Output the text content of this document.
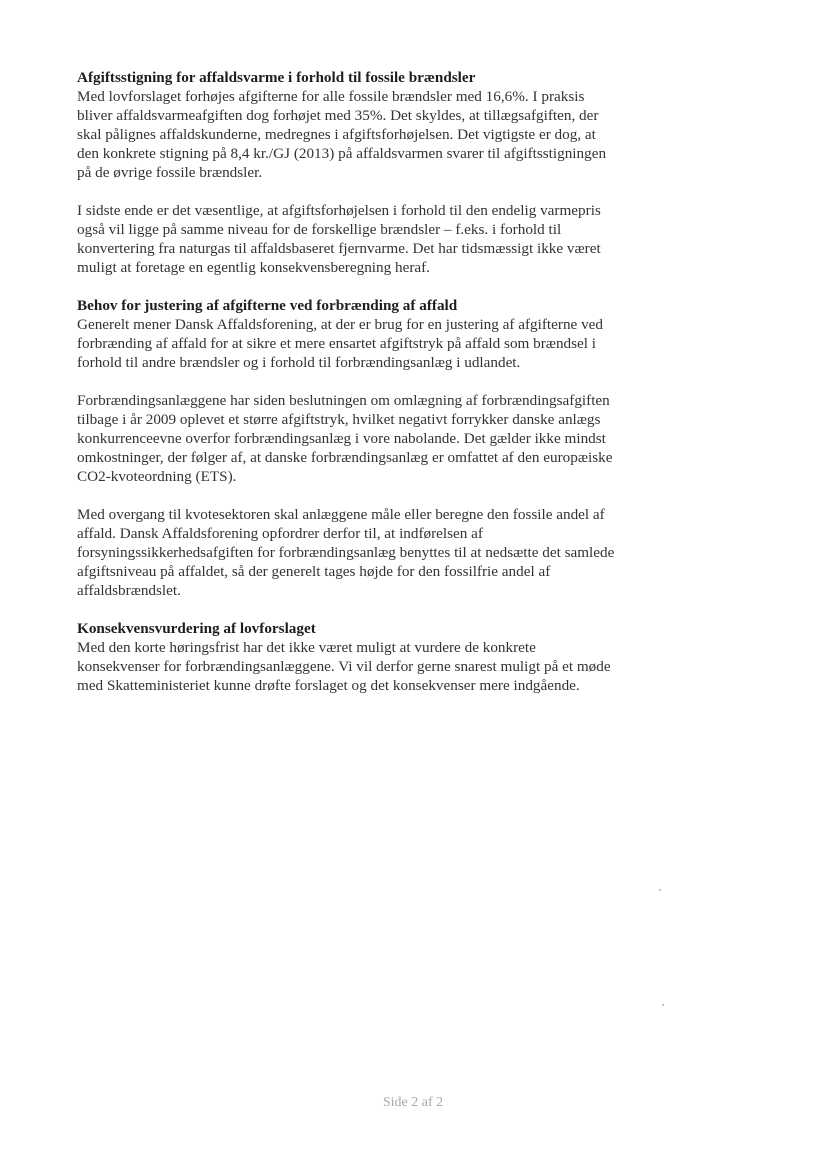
Afgiftsstigning for affaldsvarme i forhold til fossile brændsler

Med lovforslaget forhøjes afgifterne for alle fossile brændsler med 16,6%. I praksis bliver affaldsvarmeafgiften dog forhøjet med 35%. Det skyldes, at tillægsafgiften, der skal pålignes affaldskunderne, medregnes i afgiftsforhøjelsen. Det vigtigste er dog, at den konkrete stigning på 8,4 kr./GJ (2013) på affaldsvarmen svarer til afgiftsstigningen på de øvrige fossile brændsler.

I sidste ende er det væsentlige, at afgiftsforhøjelsen i forhold til den endelig varmepris også vil ligge på samme niveau for de forskellige brændsler – f.eks. i forhold til konvertering fra naturgas til affaldsbaseret fjernvarme. Det har tidsmæssigt ikke været muligt at foretage en egentlig konsekvensberegning heraf.

Behov for justering af afgifterne ved forbrænding af affald

Generelt mener Dansk Affaldsforening, at der er brug for en justering af afgifterne ved forbrænding af affald for at sikre et mere ensartet afgiftstryk på affald som brændsel i forhold til andre brændsler og i forhold til forbrændingsanlæg i udlandet.

Forbrændingsanlæggene har siden beslutningen om omlægning af forbrændingsafgiften tilbage i år 2009 oplevet et større afgiftstryk, hvilket negativt forrykker danske anlægs konkurrenceevne overfor forbrændingsanlæg i vore nabolande. Det gælder ikke mindst omkostninger, der følger af, at danske forbrændingsanlæg er omfattet af den europæiske CO2-kvoteordning (ETS).

Med overgang til kvotesektoren skal anlæggene måle eller beregne den fossile andel af affald. Dansk Affaldsforening opfordrer derfor til, at indførelsen af forsyningssikkerhedsafgiften for forbrændingsanlæg benyttes til at nedsætte det samlede afgiftsniveau på affaldet, så der generelt tages højde for den fossilfrie andel af affaldsbrændslet.

Konsekvensvurdering af lovforslaget

Med den korte høringsfrist har det ikke været muligt at vurdere de konkrete konsekvenser for forbrændingsanlæggene. Vi vil derfor gerne snarest muligt på et møde med Skatteministeriet kunne drøfte forslaget og det konsekvenser mere indgående.

Side 2 af 2
